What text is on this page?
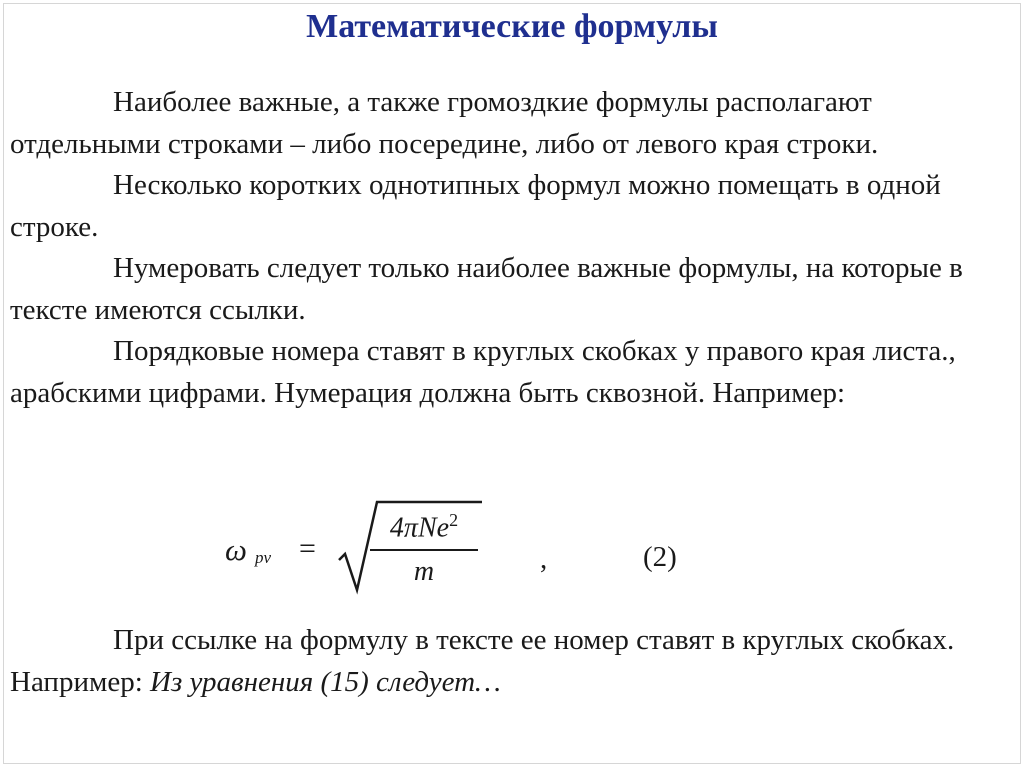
Математические формулы

Наиболее важные, а также громоздкие формулы располагают отдельными строками – либо посередине, либо от левого края строки.

Несколько коротких однотипных формул можно помещать в одной строке.

Нумеровать следует только наиболее важные формулы, на которые в тексте имеются ссылки.

Порядковые номера ставят в круглых скобках у правого края листа., арабскими цифрами. Нумерация должна быть сквозной. Например:

ω pv =
4πNe$^2$
m	,	(2)

При ссылке на формулу в тексте ее номер ставят в круглых скобках. Например: Из уравнения (15) следует…
